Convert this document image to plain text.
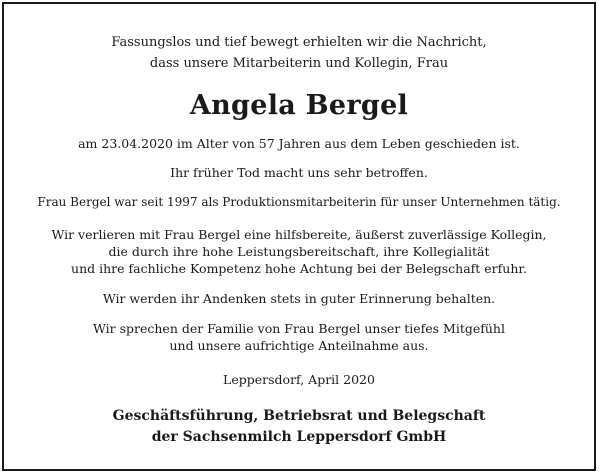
Fassungslos und tief bewegt erhielten wir die Nachricht,
dass unsere Mitarbeiterin und Kollegin, Frau
Angela Bergel
am 23.04.2020 im Alter von 57 Jahren aus dem Leben geschieden ist.
Ihr früher Tod macht uns sehr betroffen.
Frau Bergel war seit 1997 als Produktionsmitarbeiterin für unser Unternehmen tätig.
Wir verlieren mit Frau Bergel eine hilfsbereite, äußerst zuverlässige Kollegin,
die durch ihre hohe Leistungsbereitschaft, ihre Kollegialität
und ihre fachliche Kompetenz hohe Achtung bei der Belegschaft erfuhr.
Wir werden ihr Andenken stets in guter Erinnerung behalten.
Wir sprechen der Familie von Frau Bergel unser tiefes Mitgefühl
und unsere aufrichtige Anteilnahme aus.
Leppersdorf, April 2020
Geschäftsführung, Betriebsrat und Belegschaft
der Sachsenmilch Leppersdorf GmbH
